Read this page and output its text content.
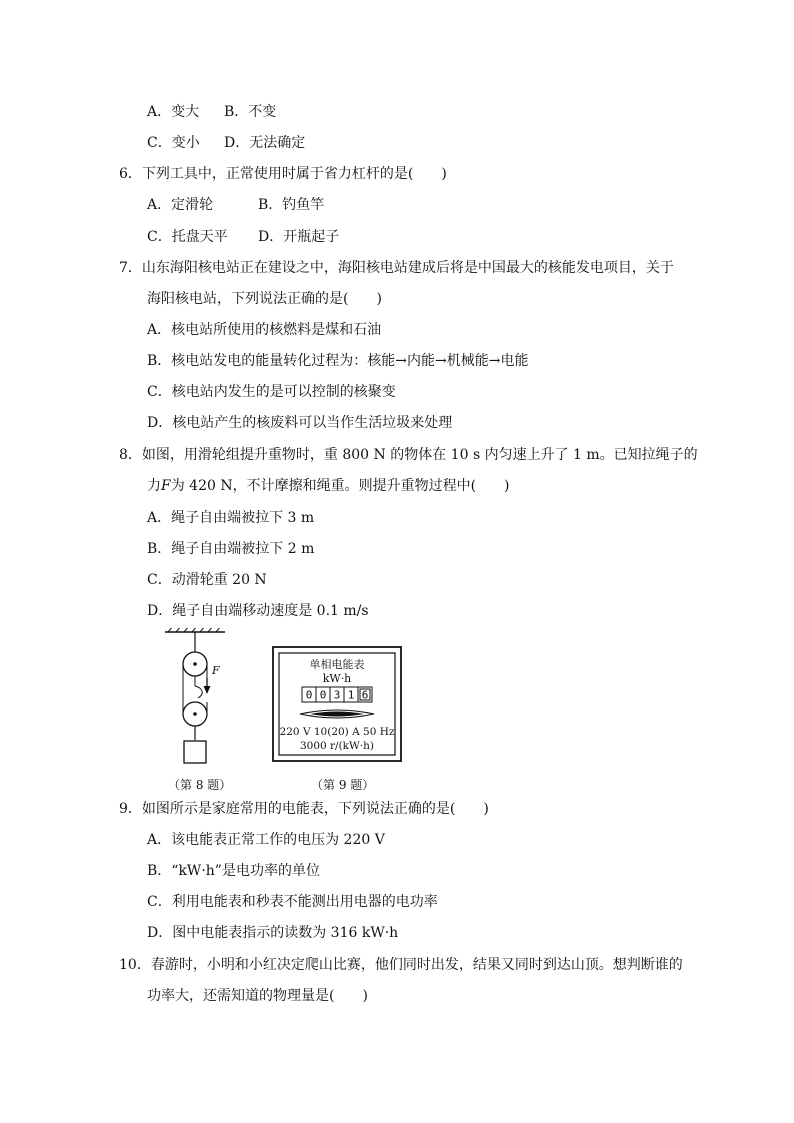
A．变大 B．不变
C．变小 D．无法确定
6．下列工具中，正常使用时属于省力杠杆的是(　　)
A．定滑轮	B．钓鱼竿
C．托盘天平 D．开瓶起子
7．山东海阳核电站正在建设之中，海阳核电站建成后将是中国最大的核能发电项目，关于
海阳核电站，下列说法正确的是(　　)
A．核电站所使用的核燃料是煤和石油
B．核电站发电的能量转化过程为：核能→内能→机械能→电能
C．核电站内发生的是可以控制的核聚变
D．核电站产生的核废料可以当作生活垃圾来处理
8．如图，用滑轮组提升重物时，重 800 N 的物体在 10 s 内匀速上升了 1 m。已知拉绳子的
力F为 420 N，不计摩擦和绳重。则提升重物过程中(　　)
A．绳子自由端被拉下 3 m
B．绳子自由端被拉下 2 m
C．动滑轮重 20 N
D．绳子自由端移动速度是 0.1 m/s
F
（第 8 题）
单相电能表
kW·h
0 0 3 1 6
220 V 10(20) A 50 Hz
3000 r/(kW·h)
（第 9 题）
9．如图所示是家庭常用的电能表，下列说法正确的是(　　)
A．该电能表正常工作的电压为 220 V
B．“kW·h”是电功率的单位
C．利用电能表和秒表不能测出用电器的电功率
D．图中电能表指示的读数为 316 kW·h
10．春游时，小明和小红决定爬山比赛，他们同时出发，结果又同时到达山顶。想判断谁的
功率大，还需知道的物理量是(　　)
